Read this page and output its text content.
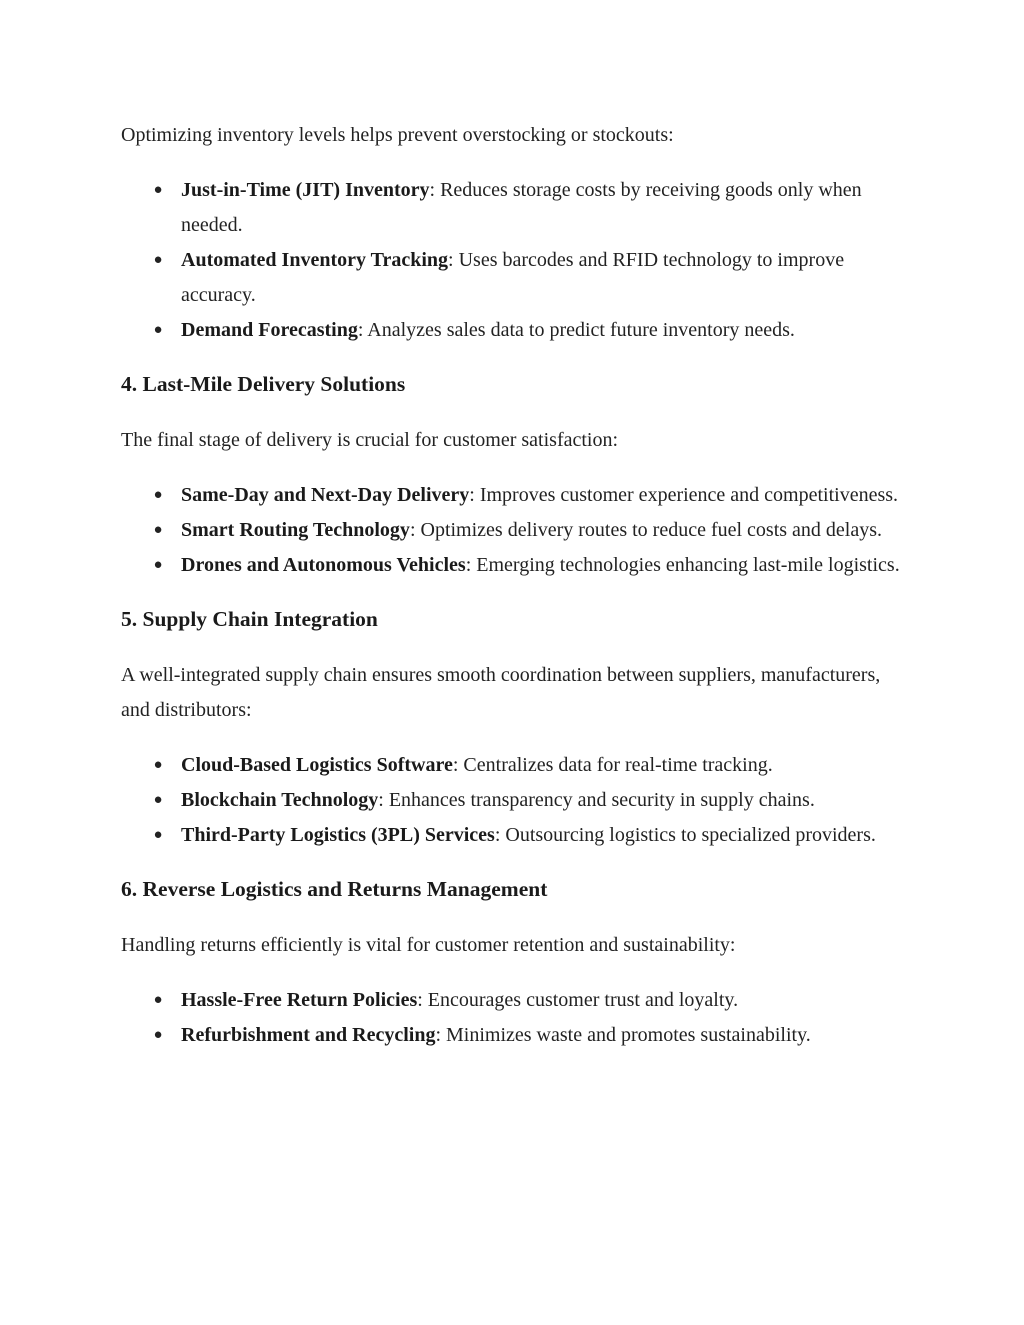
Optimizing inventory levels helps prevent overstocking or stockouts:

● Just-in-Time (JIT) Inventory: Reduces storage costs by receiving goods only when needed.
● Automated Inventory Tracking: Uses barcodes and RFID technology to improve accuracy.
● Demand Forecasting: Analyzes sales data to predict future inventory needs.
4. Last-Mile Delivery Solutions

The final stage of delivery is crucial for customer satisfaction:

● Same-Day and Next-Day Delivery: Improves customer experience and competitiveness.
● Smart Routing Technology: Optimizes delivery routes to reduce fuel costs and delays.
● Drones and Autonomous Vehicles: Emerging technologies enhancing last-mile logistics.
5. Supply Chain Integration

A well-integrated supply chain ensures smooth coordination between suppliers, manufacturers, and distributors:

● Cloud-Based Logistics Software: Centralizes data for real-time tracking.
● Blockchain Technology: Enhances transparency and security in supply chains.
● Third-Party Logistics (3PL) Services: Outsourcing logistics to specialized providers.
6. Reverse Logistics and Returns Management

Handling returns efficiently is vital for customer retention and sustainability:

● Hassle-Free Return Policies: Encourages customer trust and loyalty.
● Refurbishment and Recycling: Minimizes waste and promotes sustainability.
